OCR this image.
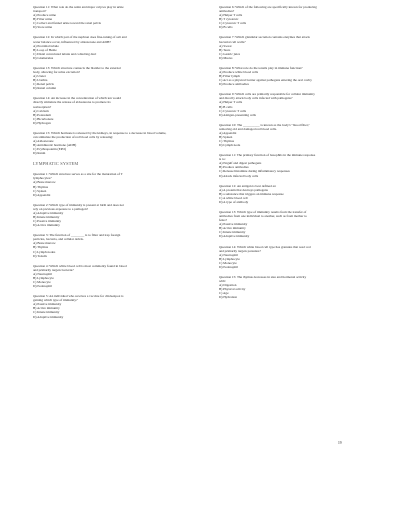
Question 11: What role do the renin and major calyces play in urine

transport?

A) Produce urine

B) Filter urine

C) Collect and funnel urine toward the renal pelvis

D) Store urine

Question 12: In which part of the nephron does fine-tuning of salt and

water balance occur, influenced by aldosterone and ADH?

A) Proximal tubule

B) Loop of Henle

C) Distal convoluted tubule and collecting duct

D) Glomerulus

Question 13: Which structure connects the bladder to the external

body, allowing for urine excretion?

A) Ureter

B) Urethra

C) Renal pelvis

D) Renal column

Question 14: An increase in the concentration of which ion would

directly stimulate the release of aldosterone to promote its

reabsorption?

A) Calcium

B) Potassium

C) Bicarbonate

D) Hydrogen

Question 15: Which hormone is released by the kidneys, in response to a decrease in blood volume,

can stimulate the production of red blood cells by releasing:

A) Aldosterone

B) Antidiuretic hormone (ADH)

C) Erythropoietin (EPO)

D) Renin

LYMPHATIC SYSTEM

Question 1: Which structure serves as a site for the maturation of T

lymphocytes?

A) Bone marrow

B) Thymus

C) Spleen

D) Appendix

Question 2: Which type of immunity is present at birth and does not

rely on previous exposure to a pathogen?

A) Adaptive immunity

B) Innate immunity

C) Passive immunity

D) Active immunity

Question 3: The function of ________ is to filter and trap foreign

particles, bacteria, and cellular debris.

A) Bone marrow

B) Thymus

C) Lymph nodes

D) Tonsils

Question 4: Which white blood cell is most commonly found in blood

and primarily targets bacteria?

A) Neutrophil

B) Lymphocyte

C) Monocyte

D) Eosinophil

Question 5: An individual who receives a vaccine for chickenpox is

gaining which type of immunity?

A) Passive immunity

B) Active immunity

C) Innate immunity

D) Adaptive immunity

Question 6: Which of the following are specifically known for producing

antibodies?

A) Helper T cells

B) T cytotoxic

C) Cytotoxic T cells

D) B cells

Question 7: Which glandular secretion contains enzymes that attack

bacterial cell walls?

A) Sweat

B) Tears

C) Gastric juice

D) Mucus

Question 8: What role do the tonsils play in immune function?

A) Produce white blood cells

B) Filter lymph

C) Act as a physical barrier against pathogens entering the oral cavity

D) Produce antibodies

Question 9: Which cells are primarily responsible for cellular immunity

and directly attack body cells infected with pathogens?

A) Helper T cells

B) B cells

C) Cytotoxic T cells

D) Antigen-presenting cells

Question 10: The __________ is known as the body's "blood filter,"

removing old and damaged red blood cells.

A) Appendix

B) Spleen

C) Thymus

D) Lymph node

Question 11: The primary function of basophils in the immune response

is to:

A) Engulf and digest pathogens

B) Produce antibodies

C) Release histamine during inflammatory responses

D) Attack infected body cells

Question 12: An antigen is best defined as:

A) A protein that destroys pathogens

B) a substance that triggers an immune response

C) A white blood cell

D) A type of antibody

Question 13: Which type of immunity results from the transfer of

antibodies from one individual to another, such as from mother to

fetus?

A) Passive immunity

B) Active immunity

C) Innate immunity

D) Adaptive immunity

Question 14: Which white blood cell type has granules that react red

and primarily targets parasites?

A) Neutrophil

B) Lymphocyte

C) Monocyte

D) Eosinophil

Question 15: The thymus decreases in size and hormonal activity

with:

A) Digestion

B) Physical activity

C) Age

D) Hydration

19
